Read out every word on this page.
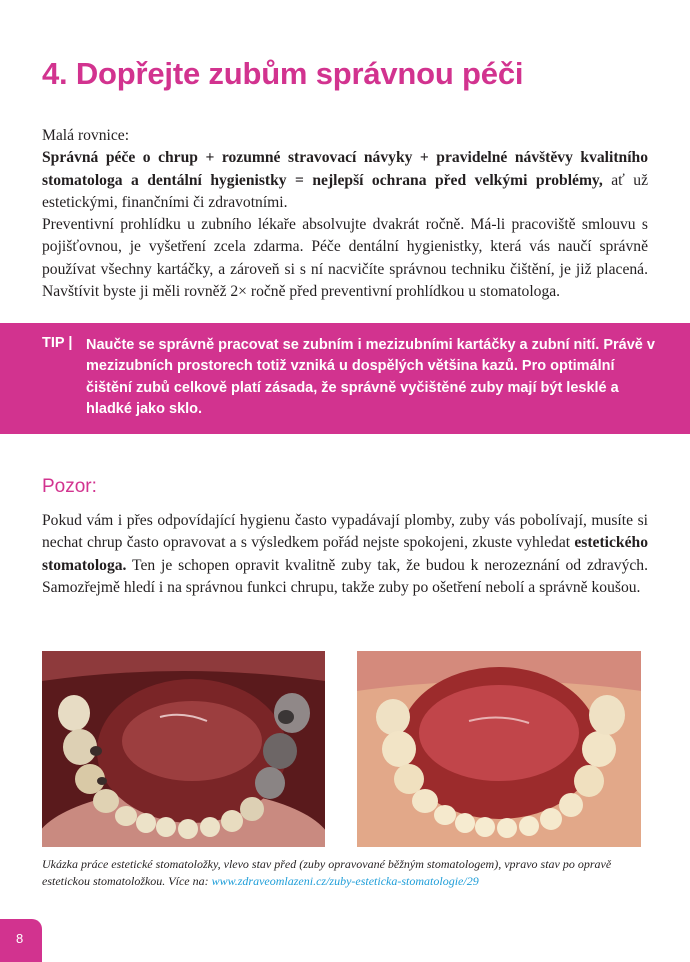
4. Dopřejte zubům správnou péči

Malá rovnice:

Správná péče o chrup + rozumné stravovací návyky + pravidelné návštěvy kvalitního stomatologa a dentální hygienistky = nejlepší ochrana před velkými problémy, ať už estetickými, finančními či zdravotními.

Preventivní prohlídku u zubního lékaře absolvujte dvakrát ročně. Má-li pracoviště smlouvu s pojišťovnou, je vyšetření zcela zdarma. Péče dentální hygienistky, která vás naučí správně používat všechny kartáčky, a zároveň si s ní nacvičíte správnou techniku čištění, je již placená. Navštívit byste ji měli rovněž 2× ročně před preventivní prohlídkou u stomatologa.

TIP | Naučte se správně pracovat se zubním i mezizubními kartáčky a zubní nití. Právě v mezizubních prostorech totiž vzniká u dospělých většina kazů. Pro optimální čištění zubů celkově platí zásada, že správně vyčištěné zuby mají být lesklé a hladké jako sklo.
Pozor:

Pokud vám i přes odpovídající hygienu často vypadávají plomby, zuby vás pobolívají, musíte si nechat chrup často opravovat a s výsledkem pořád nejste spokojeni, zkuste vyhledat estetického stomatologa. Ten je schopen opravit kvalitně zuby tak, že budou k nerozeznání od zdravých. Samozřejmě hledí i na správnou funkci chrupu, takže zuby po ošetření nebolí a správně koušou.

Ukázka práce estetické stomatoložky, vlevo stav před (zuby opravované běžným stomatologem), vpravo stav po opravě estetickou stomatoložkou. Více na: www.zdraveomlazeni.cz/zuby-esteticka-stomatologie/29

8
